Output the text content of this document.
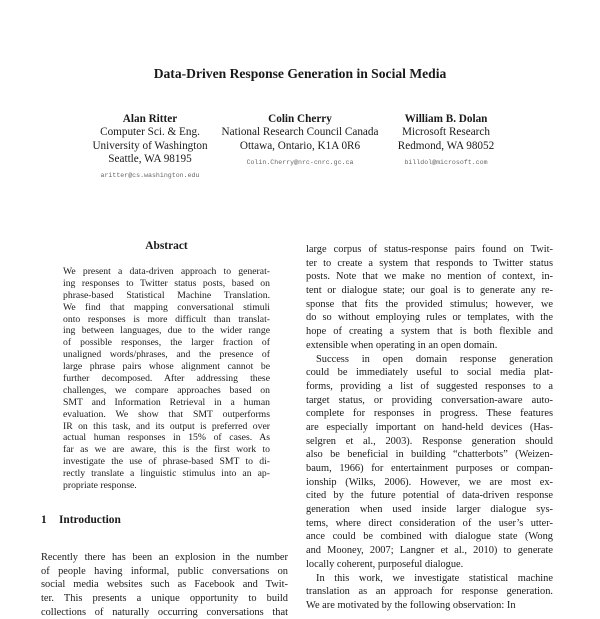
Data-Driven Response Generation in Social Media
Alan Ritter
Computer Sci. & Eng.
University of Washington
Seattle, WA 98195
aritter@cs.washington.edu
Colin Cherry
National Research Council Canada
Ottawa, Ontario, K1A 0R6
Colin.Cherry@nrc-cnrc.gc.ca
William B. Dolan
Microsoft Research
Redmond, WA 98052
billdol@microsoft.com
Abstract
We present a data-driven approach to generat-
ing responses to Twitter status posts, based on
phrase-based Statistical Machine Translation.
We find that mapping conversational stimuli
onto responses is more difficult than translat-
ing between languages, due to the wider range
of possible responses, the larger fraction of
unaligned words/phrases, and the presence of
large phrase pairs whose alignment cannot be
further decomposed. After addressing these
challenges, we compare approaches based on
SMT and Information Retrieval in a human
evaluation. We show that SMT outperforms
IR on this task, and its output is preferred over
actual human responses in 15% of cases. As
far as we are aware, this is the first work to
investigate the use of phrase-based SMT to di-
rectly translate a linguistic stimulus into an ap-
propriate response.
1 Introduction
Recently there has been an explosion in the number
of people having informal, public conversations on
social media websites such as Facebook and Twit-
ter. This presents a unique opportunity to build
collections of naturally occurring conversations that
large corpus of status-response pairs found on Twit-
ter to create a system that responds to Twitter status
posts. Note that we make no mention of context, in-
tent or dialogue state; our goal is to generate any re-
sponse that fits the provided stimulus; however, we
do so without employing rules or templates, with the
hope of creating a system that is both flexible and
extensible when operating in an open domain.
Success in open domain response generation
could be immediately useful to social media plat-
forms, providing a list of suggested responses to a
target status, or providing conversation-aware auto-
complete for responses in progress. These features
are especially important on hand-held devices (Has-
selgren et al., 2003). Response generation should
also be beneficial in building “chatterbots” (Weizen-
baum, 1966) for entertainment purposes or compan-
ionship (Wilks, 2006). However, we are most ex-
cited by the future potential of data-driven response
generation when used inside larger dialogue sys-
tems, where direct consideration of the user’s utter-
ance could be combined with dialogue state (Wong
and Mooney, 2007; Langner et al., 2010) to generate
locally coherent, purposeful dialogue.
In this work, we investigate statistical machine
translation as an approach for response generation.
We are motivated by the following observation: In
